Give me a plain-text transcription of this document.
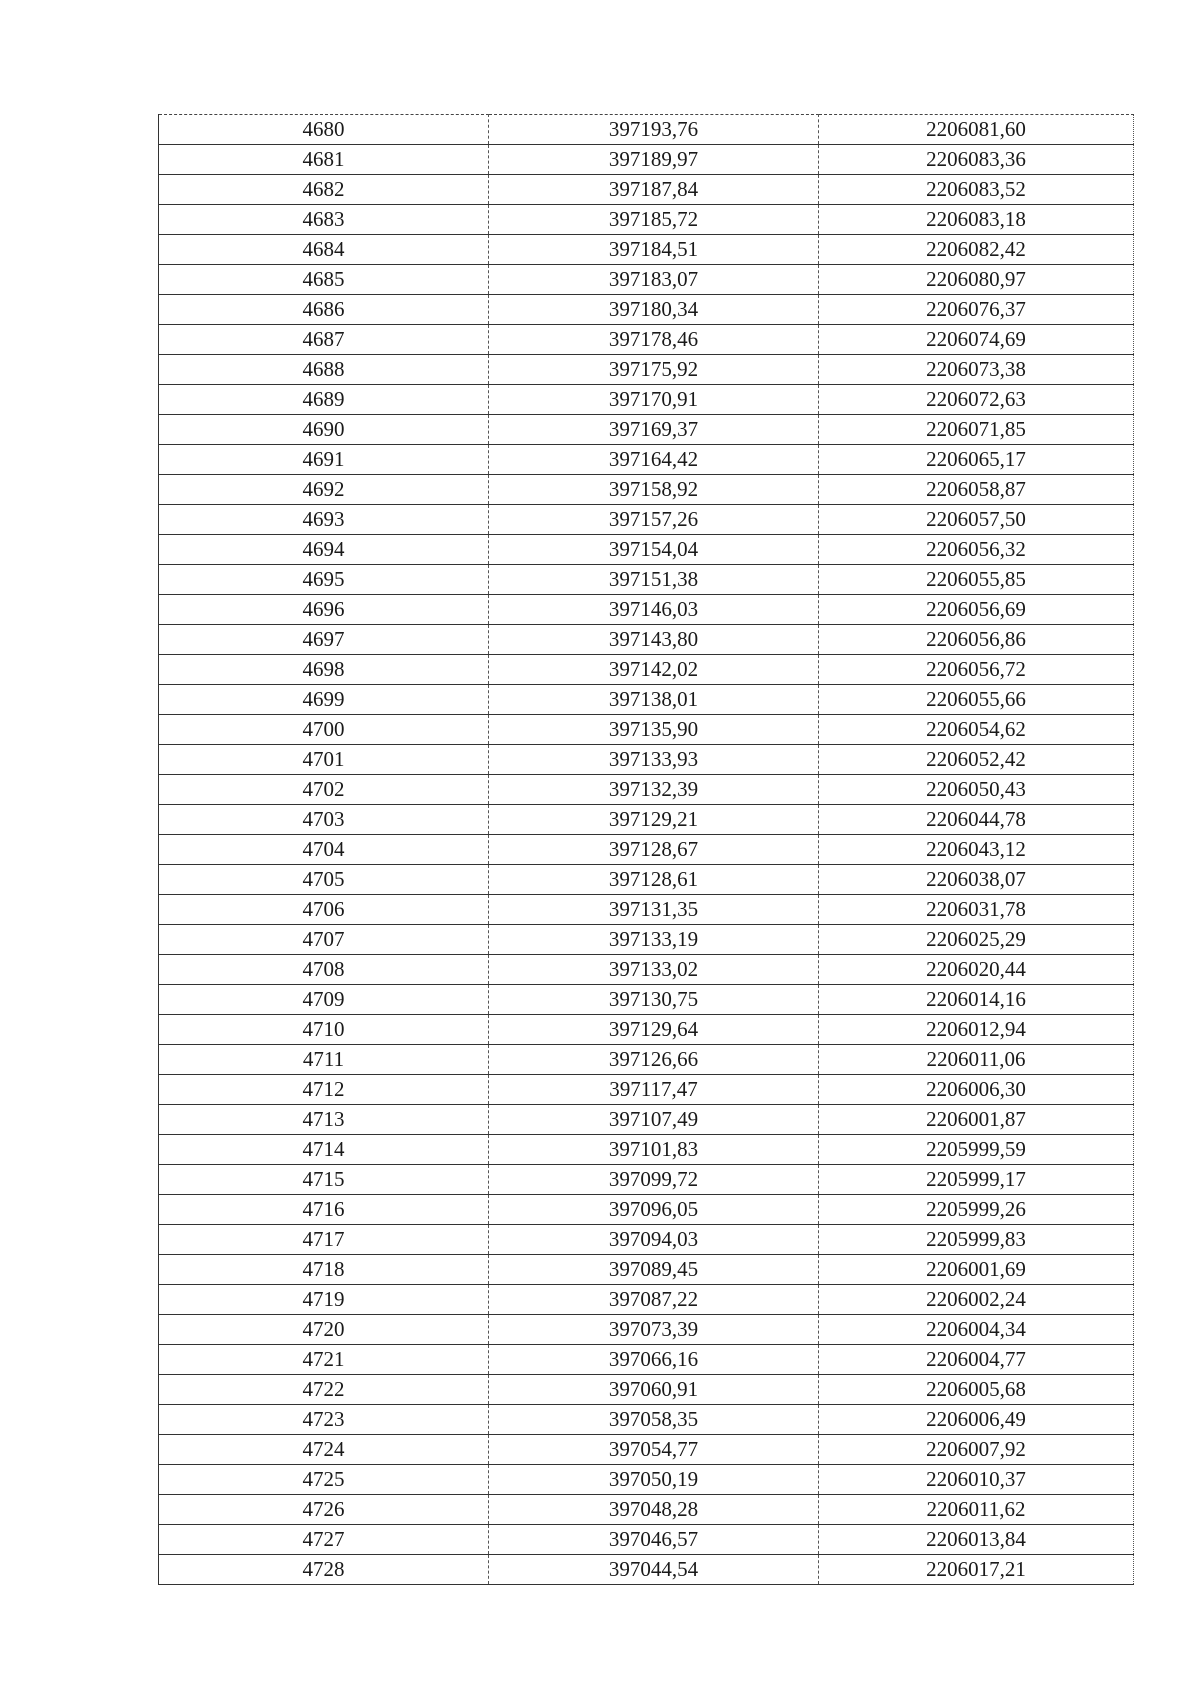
4680	397193,76	2206081,60
4681	397189,97	2206083,36
4682	397187,84	2206083,52
4683	397185,72	2206083,18
4684	397184,51	2206082,42
4685	397183,07	2206080,97
4686	397180,34	2206076,37
4687	397178,46	2206074,69
4688	397175,92	2206073,38
4689	397170,91	2206072,63
4690	397169,37	2206071,85
4691	397164,42	2206065,17
4692	397158,92	2206058,87
4693	397157,26	2206057,50
4694	397154,04	2206056,32
4695	397151,38	2206055,85
4696	397146,03	2206056,69
4697	397143,80	2206056,86
4698	397142,02	2206056,72
4699	397138,01	2206055,66
4700	397135,90	2206054,62
4701	397133,93	2206052,42
4702	397132,39	2206050,43
4703	397129,21	2206044,78
4704	397128,67	2206043,12
4705	397128,61	2206038,07
4706	397131,35	2206031,78
4707	397133,19	2206025,29
4708	397133,02	2206020,44
4709	397130,75	2206014,16
4710	397129,64	2206012,94
4711	397126,66	2206011,06
4712	397117,47	2206006,30
4713	397107,49	2206001,87
4714	397101,83	2205999,59
4715	397099,72	2205999,17
4716	397096,05	2205999,26
4717	397094,03	2205999,83
4718	397089,45	2206001,69
4719	397087,22	2206002,24
4720	397073,39	2206004,34
4721	397066,16	2206004,77
4722	397060,91	2206005,68
4723	397058,35	2206006,49
4724	397054,77	2206007,92
4725	397050,19	2206010,37
4726	397048,28	2206011,62
4727	397046,57	2206013,84
4728	397044,54	2206017,21
